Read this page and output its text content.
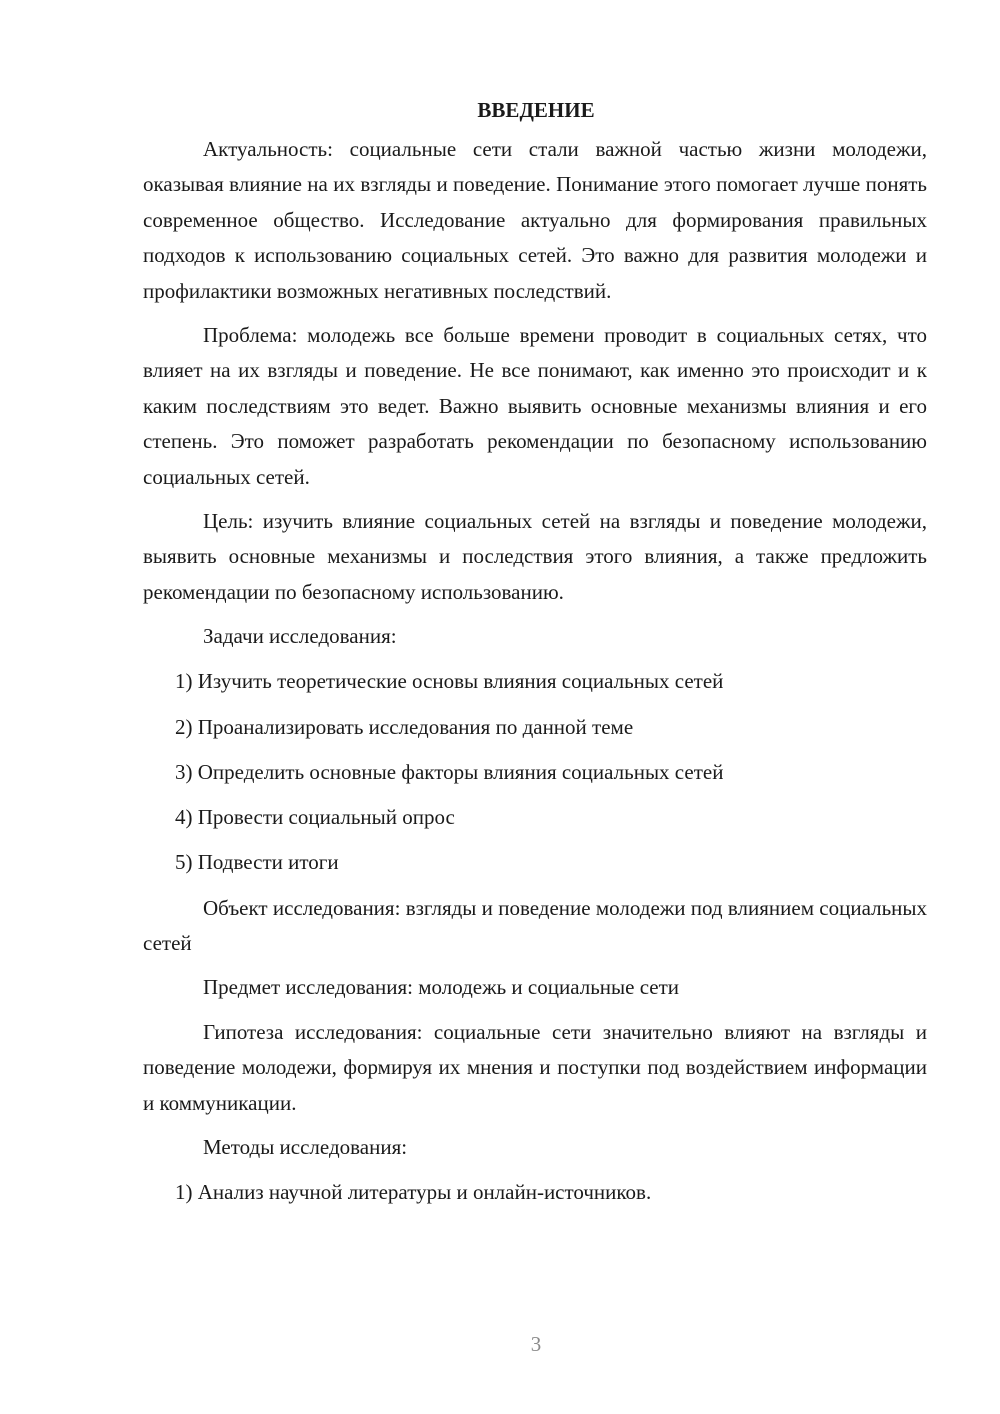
ВВЕДЕНИЕ

Актуальность: социальные сети стали важной частью жизни молодежи, оказывая влияние на их взгляды и поведение. Понимание этого помогает лучше понять современное общество. Исследование актуально для формирования правильных подходов к использованию социальных сетей. Это важно для развития молодежи и профилактики возможных негативных последствий.

Проблема: молодежь все больше времени проводит в социальных сетях, что влияет на их взгляды и поведение. Не все понимают, как именно это происходит и к каким последствиям это ведет. Важно выявить основные механизмы влияния и его степень. Это поможет разработать рекомендации по безопасному использованию социальных сетей.

Цель: изучить влияние социальных сетей на взгляды и поведение молодежи, выявить основные механизмы и последствия этого влияния, а также предложить рекомендации по безопасному использованию.

Задачи исследования:
1) Изучить теоретические основы влияния социальных сетей
2) Проанализировать исследования по данной теме
3) Определить основные факторы влияния социальных сетей
4) Провести социальный опрос
5) Подвести итоги

Объект исследования: взгляды и поведение молодежи под влиянием социальных сетей

Предмет исследования: молодежь и социальные сети

Гипотеза исследования: социальные сети значительно влияют на взгляды и поведение молодежи, формируя их мнения и поступки под воздействием информации и коммуникации.

Методы исследования:
1) Анализ научной литературы и онлайн-источников.
3
